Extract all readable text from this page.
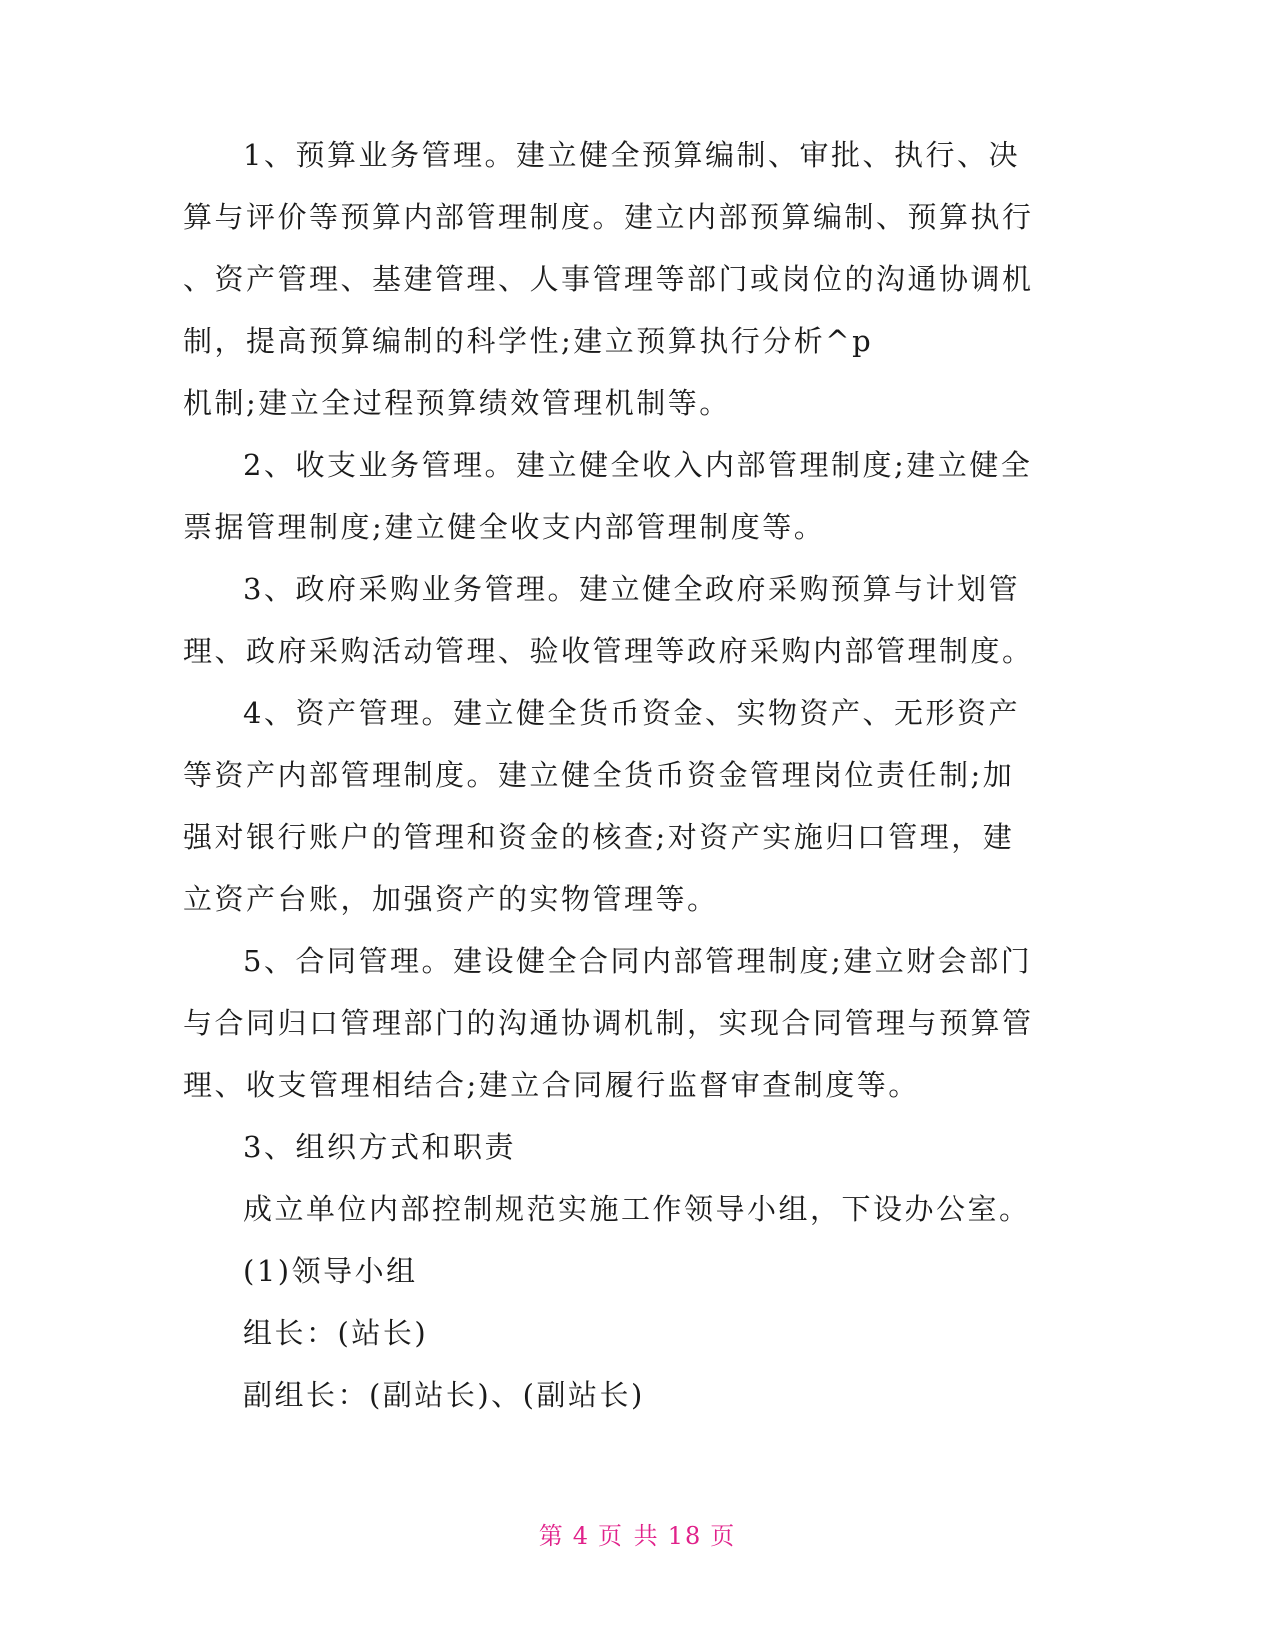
1、预算业务管理。建立健全预算编制、审批、执行、决
算与评价等预算内部管理制度。建立内部预算编制、预算执行
、资产管理、基建管理、人事管理等部门或岗位的沟通协调机
制，提高预算编制的科学性;建立预算执行分析^p
机制;建立全过程预算绩效管理机制等。
2、收支业务管理。建立健全收入内部管理制度;建立健全
票据管理制度;建立健全收支内部管理制度等。
3、政府采购业务管理。建立健全政府采购预算与计划管
理、政府采购活动管理、验收管理等政府采购内部管理制度。
4、资产管理。建立健全货币资金、实物资产、无形资产
等资产内部管理制度。建立健全货币资金管理岗位责任制;加
强对银行账户的管理和资金的核查;对资产实施归口管理，建
立资产台账，加强资产的实物管理等。
5、合同管理。建设健全合同内部管理制度;建立财会部门
与合同归口管理部门的沟通协调机制，实现合同管理与预算管
理、收支管理相结合;建立合同履行监督审查制度等。
3、组织方式和职责
成立单位内部控制规范实施工作领导小组，下设办公室。
(1)领导小组
组长：(站长)
副组长：(副站长)、(副站长)
第 4 页 共 18 页
